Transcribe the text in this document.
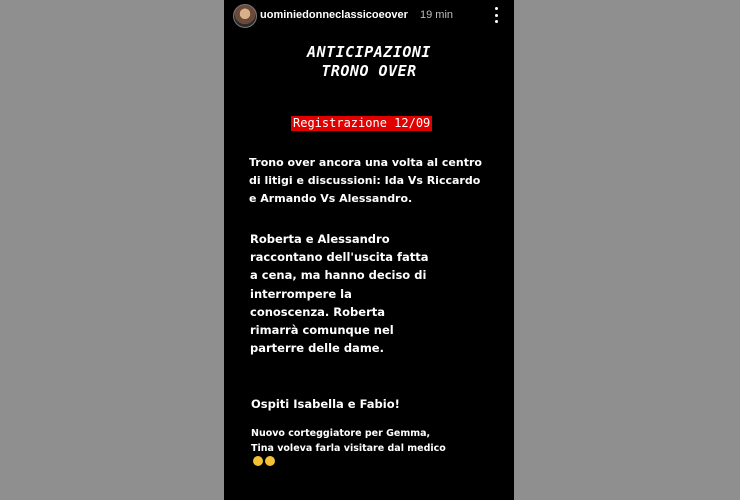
uominiedonneclassicoeover 19 min
ANTICIPAZIONI
TRONO OVER
Registrazione 12/09
Trono over ancora una volta al centro di litigi e discussioni: Ida Vs Riccardo e Armando Vs Alessandro.
Roberta e Alessandro raccontano dell'uscita fatta a cena, ma hanno deciso di interrompere la conoscenza. Roberta rimarrà comunque nel parterre delle dame.
Ospiti Isabella e Fabio!
Nuovo corteggiatore per Gemma, Tina voleva farla visitare dal medico
